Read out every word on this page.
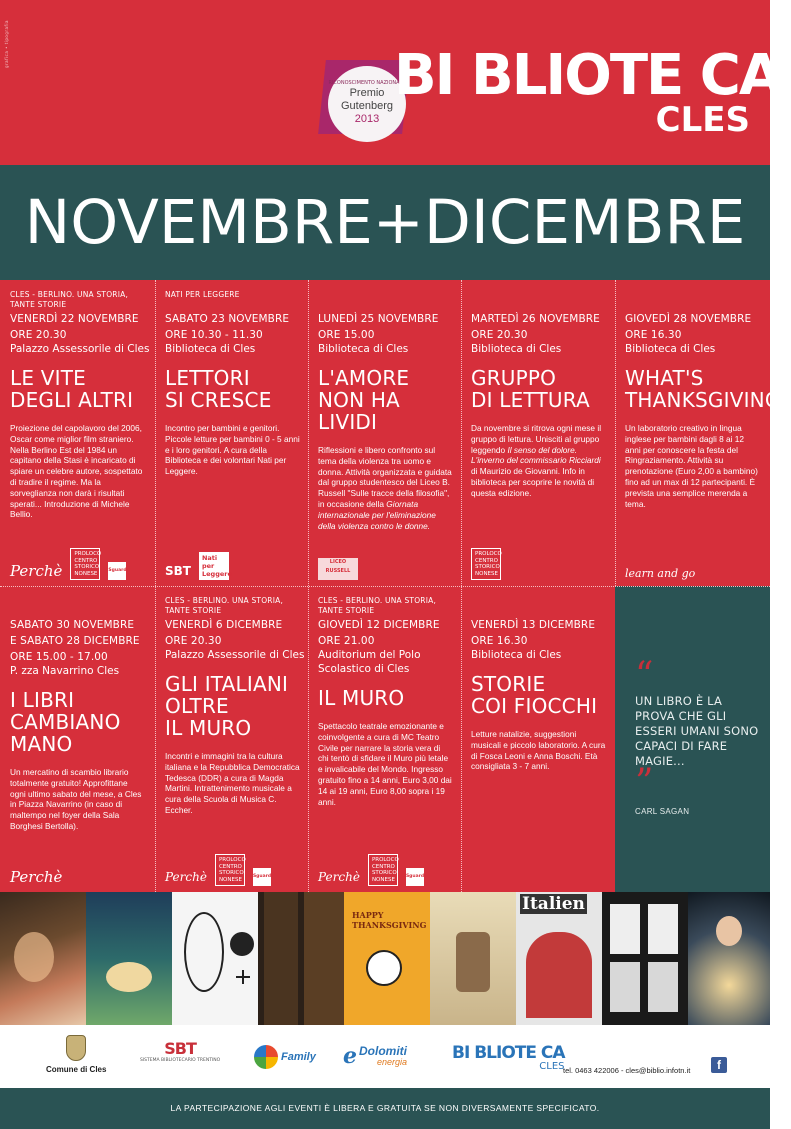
grafica • tipografia
RICONOSCIMENTO NAZIONALE
Premio
Gutenberg
2013
BI BLIOTE CA
CLES
NOVEMBRE+DICEMBRE
CLES - BERLINO. UNA STORIA, TANTE STORIE
VENERDÌ 22 NOVEMBRE
ORE 20.30
Palazzo Assessorile di Cles
LE VITE
DEGLI ALTRI
Proiezione del capolavoro del 2006, Oscar come miglior film straniero. Nella Berlino Est del 1984 un capitano della Stasi è incaricato di spiare un celebre autore, sospettato di tradire il regime. Ma la sorveglianza non darà i risultati sperati... Introduzione di Michele Bellio.
Perchè
PROLOCO CENTRO STORICO NONESE	Sguardi
NATI PER LEGGERE
SABATO 23 NOVEMBRE
ORE 10.30 - 11.30
Biblioteca di Cles
LETTORI
SI CRESCE
Incontro per bambini e genitori. Piccole letture per bambini 0 - 5 anni e i loro genitori. A cura della Biblioteca e dei volontari Nati per Leggere.
SBT
Nati per Leggere
LUNEDÌ 25 NOVEMBRE
ORE 15.00
Biblioteca di Cles
L'AMORE
NON HA
LIVIDI
Riflessioni e libero confronto sul tema della violenza tra uomo e donna. Attività organizzata e guidata dal gruppo studentesco del Liceo B. Russell "Sulle tracce della filosofia", in occasione della Giornata internazionale per l'eliminazione della violenza contro le donne.
LICEO RUSSELL
MARTEDÌ 26 NOVEMBRE
ORE 20.30
Biblioteca di Cles
GRUPPO
DI LETTURA
Da novembre si ritrova ogni mese il gruppo di lettura. Unisciti al gruppo leggendo Il senso del dolore. L'inverno del commissario Ricciardi di Maurizio de Giovanni. Info in biblioteca per scoprire le novità di questa edizione.
PROLOCO CENTRO STORICO NONESE
GIOVEDÌ 28 NOVEMBRE
ORE 16.30
Biblioteca di Cles
WHAT'S
THANKSGIVING?
Un laboratorio creativo in lingua inglese per bambini dagli 8 ai 12 anni per conoscere la festa del Ringraziamento. Attività su prenotazione (Euro 2,00 a bambino) fino ad un max di 12 partecipanti. È prevista una semplice merenda a tema.
learn and go
SABATO 30 NOVEMBRE
E SABATO 28 DICEMBRE
ORE 15.00 - 17.00
P. zza Navarrino Cles
I LIBRI
CAMBIANO
MANO
Un mercatino di scambio librario totalmente gratuito! Approfittane ogni ultimo sabato del mese, a Cles in Piazza Navarrino (in caso di maltempo nel foyer della Sala Borghesi Bertolla).
Perchè
CLES - BERLINO. UNA STORIA, TANTE STORIE
VENERDÌ 6 DICEMBRE
ORE 20.30
Palazzo Assessorile di Cles
GLI ITALIANI
OLTRE
IL MURO
Incontri e immagini tra la cultura italiana e la Repubblica Democratica Tedesca (DDR) a cura di Magda Martini. Intrattenimento musicale a cura della Scuola di Musica C. Eccher.
Perchè
PROLOCO CENTRO STORICO NONESE	Sguardi
CLES - BERLINO. UNA STORIA, TANTE STORIE
GIOVEDÌ 12 DICEMBRE
ORE 21.00
Auditorium del Polo
Scolastico di Cles
IL MURO
Spettacolo teatrale emozionante e coinvolgente a cura di MC Teatro Civile per narrare la storia vera di chi tentò di sfidare il Muro più letale e invalicabile del Mondo. Ingresso gratuito fino a 14 anni, Euro 3,00 dai 14 ai 19 anni, Euro 8,00 sopra i 19 anni.
Perchè
PROLOCO CENTRO STORICO NONESE	Sguardi
VENERDÌ 13 DICEMBRE
ORE 16.30
Biblioteca di Cles
STORIE
COI FIOCCHI
Letture natalizie, suggestioni musicali e piccolo laboratorio. A cura di Fosca Leoni e Anna Boschi. Età consigliata 3 - 7 anni.
“
UN LIBRO È LA PROVA CHE GLI ESSERI UMANI SONO CAPACI DI FARE MAGIE...
”
CARL SAGAN
HAPPY THANKSGIVING
Italien
Comune di Cles
SBT
SISTEMA BIBLIOTECARIO TRENTINO	Family e Dolomiti
energia	BI BLIOTE CA
CLES
tel. 0463 422006 - cles@biblio.infotn.it	f
LA PARTECIPAZIONE AGLI EVENTI È LIBERA E GRATUITA SE NON DIVERSAMENTE SPECIFICATO.
